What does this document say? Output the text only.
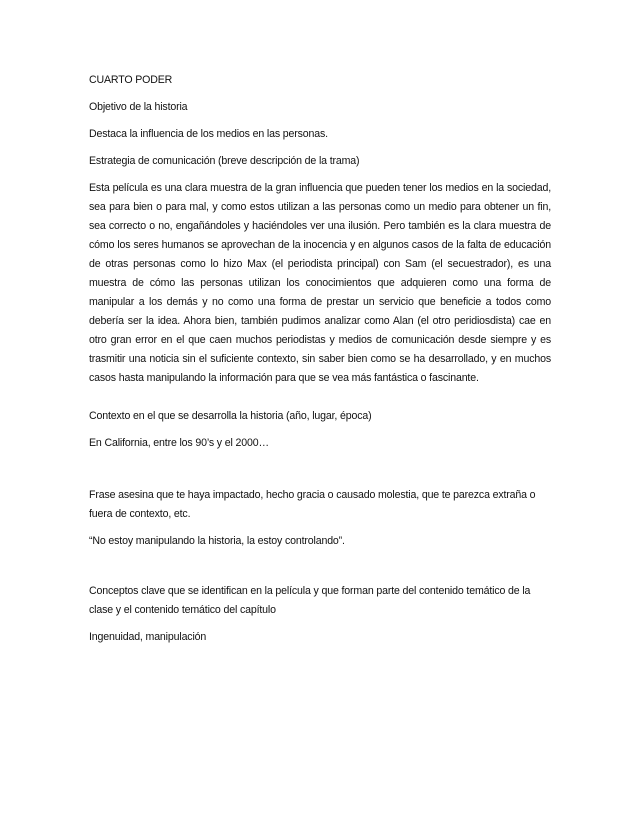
CUARTO PODER

Objetivo de la historia

Destaca la influencia de los medios en las personas.

Estrategia de comunicación (breve descripción de la trama)

Esta película es una clara muestra de la gran influencia que pueden tener los medios en la sociedad, sea para bien o para mal, y como estos utilizan a las personas como un medio para obtener un fin, sea correcto o no, engañándoles y haciéndoles ver una ilusión. Pero también es la clara muestra de cómo los seres humanos se aprovechan de la inocencia y en algunos casos de la falta de educación de otras personas como lo hizo Max (el periodista principal) con Sam (el secuestrador), es una muestra de cómo las personas utilizan los conocimientos que adquieren como una forma de manipular a los demás y no como una forma de prestar un servicio que beneficie a todos como debería ser la idea. Ahora bien, también pudimos analizar como Alan (el otro peridiosdista) cae en otro gran error en el que caen muchos periodistas y medios de comunicación desde siempre y es trasmitir una noticia sin el suficiente contexto, sin saber bien como se ha desarrollado, y en muchos casos hasta manipulando la información para que se vea más fantástica o fascinante.

Contexto en el que se desarrolla la historia (año, lugar, época)

En California, entre los 90’s y el 2000…

Frase asesina que te haya impactado, hecho gracia o causado molestia, que te parezca extraña o fuera de contexto, etc.

“No estoy manipulando la historia, la estoy controlando”.

Conceptos clave que se identifican en la película y que forman parte del contenido temático de la clase y el contenido temático del capítulo

Ingenuidad, manipulación
